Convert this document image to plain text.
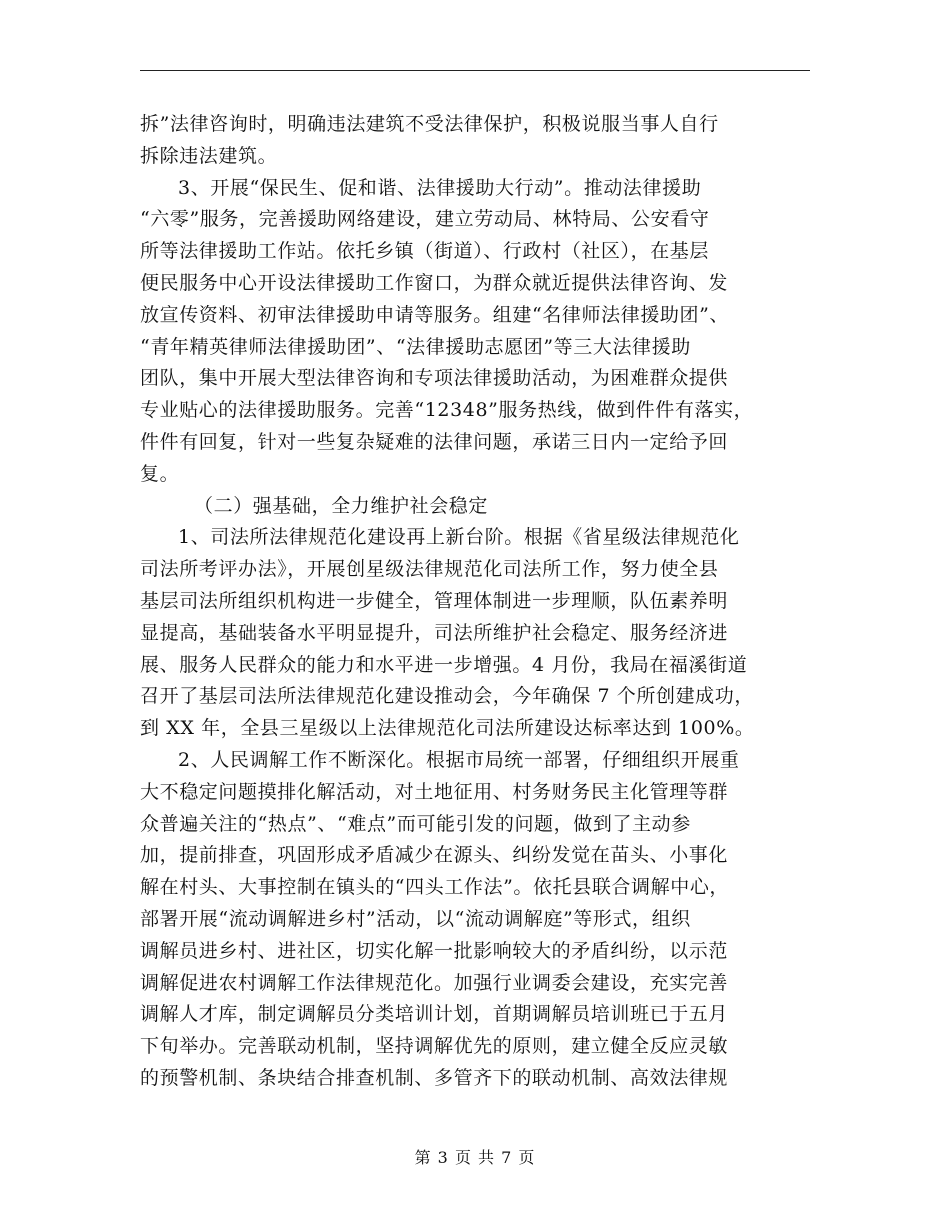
拆”法律咨询时，明确违法建筑不受法律保护，积极说服当事人自行
拆除违法建筑。
3、开展“保民生、促和谐、法律援助大行动”。推动法律援助
“六零”服务，完善援助网络建设，建立劳动局、林特局、公安看守
所等法律援助工作站。依托乡镇（街道）、行政村（社区），在基层
便民服务中心开设法律援助工作窗口，为群众就近提供法律咨询、发
放宣传资料、初审法律援助申请等服务。组建“名律师法律援助团”、
“青年精英律师法律援助团”、“法律援助志愿团”等三大法律援助
团队，集中开展大型法律咨询和专项法律援助活动，为困难群众提供
专业贴心的法律援助服务。完善“12348”服务热线，做到件件有落实，
件件有回复，针对一些复杂疑难的法律问题，承诺三日内一定给予回
复。
（二）强基础，全力维护社会稳定
1、司法所法律规范化建设再上新台阶。根据《省星级法律规范化
司法所考评办法》，开展创星级法律规范化司法所工作，努力使全县
基层司法所组织机构进一步健全，管理体制进一步理顺，队伍素养明
显提高，基础装备水平明显提升，司法所维护社会稳定、服务经济进
展、服务人民群众的能力和水平进一步增强。4 月份，我局在福溪街道
召开了基层司法所法律规范化建设推动会，今年确保 7 个所创建成功，
到 XX 年，全县三星级以上法律规范化司法所建设达标率达到 100%。
2、人民调解工作不断深化。根据市局统一部署，仔细组织开展重
大不稳定问题摸排化解活动，对土地征用、村务财务民主化管理等群
众普遍关注的“热点”、“难点”而可能引发的问题，做到了主动参
加，提前排查，巩固形成矛盾减少在源头、纠纷发觉在苗头、小事化
解在村头、大事控制在镇头的“四头工作法”。依托县联合调解中心，
部署开展“流动调解进乡村”活动，以“流动调解庭”等形式，组织
调解员进乡村、进社区，切实化解一批影响较大的矛盾纠纷，以示范
调解促进农村调解工作法律规范化。加强行业调委会建设，充实完善
调解人才库，制定调解员分类培训计划，首期调解员培训班已于五月
下旬举办。完善联动机制，坚持调解优先的原则，建立健全反应灵敏
的预警机制、条块结合排查机制、多管齐下的联动机制、高效法律规
第 3 页 共 7 页
